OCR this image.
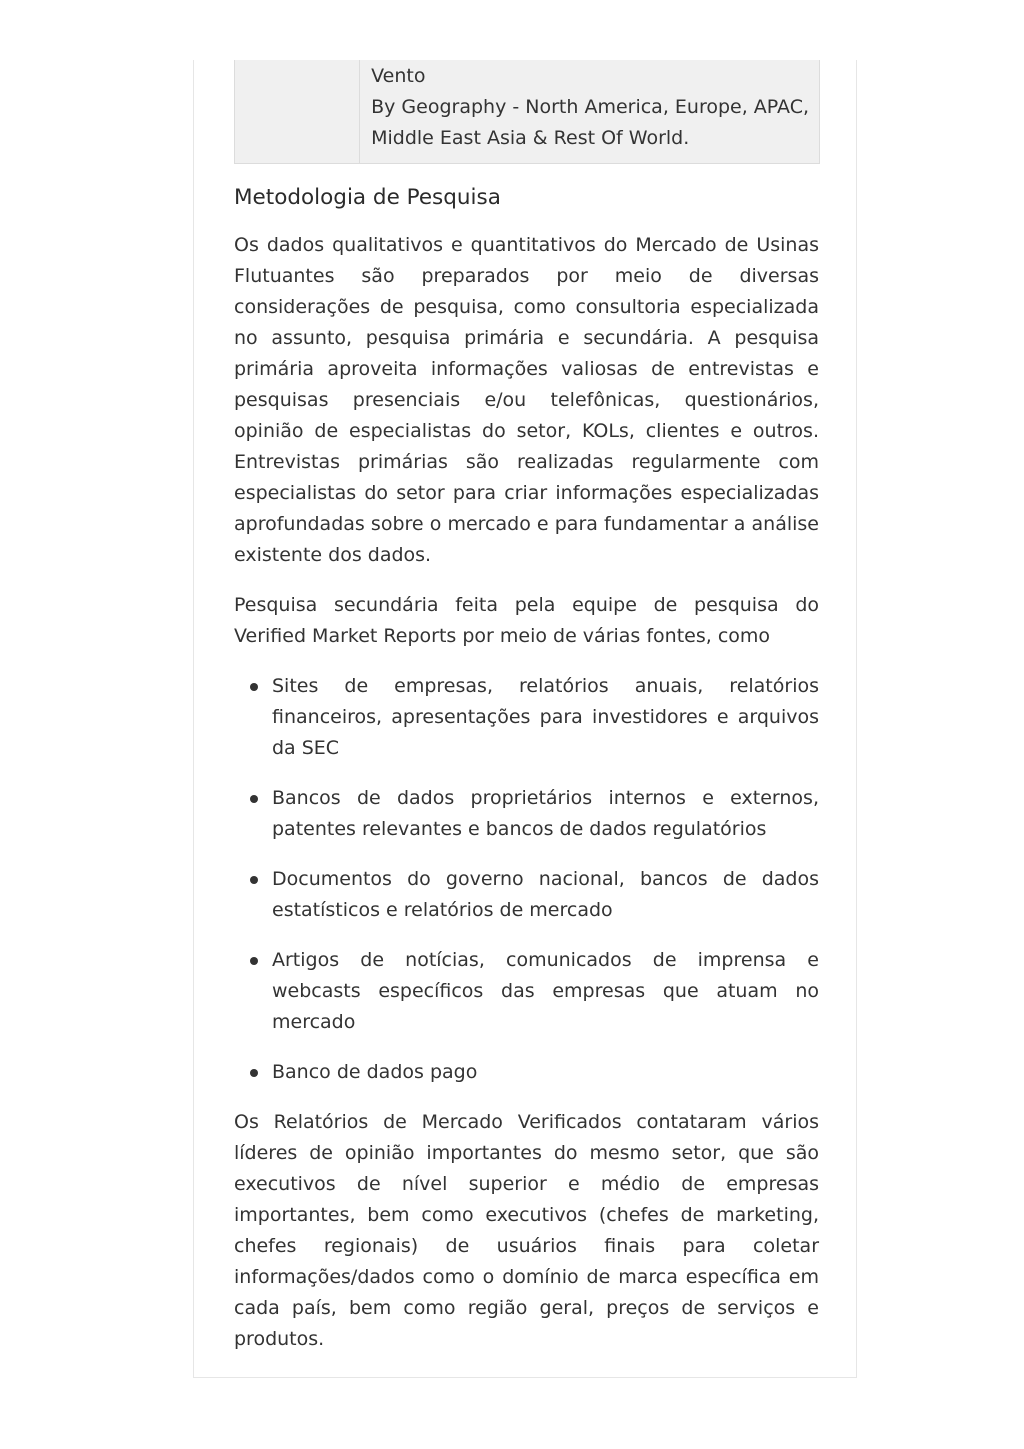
Vento
By Geography - North America, Europe, APAC,
Middle East Asia & Rest Of World.
Metodologia de Pesquisa

Os dados qualitativos e quantitativos do Mercado de Usinas Flutuantes são preparados por meio de diversas considerações de pesquisa, como consultoria especializada no assunto, pesquisa primária e secundária. A pesquisa primária aproveita informações valiosas de entrevistas e pesquisas presenciais e/ou telefônicas, questionários, opinião de especialistas do setor, KOLs, clientes e outros. Entrevistas primárias são realizadas regularmente com especialistas do setor para criar informações especializadas aprofundadas sobre o mercado e para fundamentar a análise existente dos dados.

Pesquisa secundária feita pela equipe de pesquisa do Verified Market Reports por meio de várias fontes, como

Sites de empresas, relatórios anuais, relatórios financeiros, apresentações para investidores e arquivos da SEC
Bancos de dados proprietários internos e externos, patentes relevantes e bancos de dados regulatórios
Documentos do governo nacional, bancos de dados estatísticos e relatórios de mercado
Artigos de notícias, comunicados de imprensa e webcasts específicos das empresas que atuam no mercado
Banco de dados pago

Os Relatórios de Mercado Verificados contataram vários líderes de opinião importantes do mesmo setor, que são executivos de nível superior e médio de empresas importantes, bem como executivos (chefes de marketing, chefes regionais) de usuários finais para coletar informações/dados como o domínio de marca específica em cada país, bem como região geral, preços de serviços e produtos.
